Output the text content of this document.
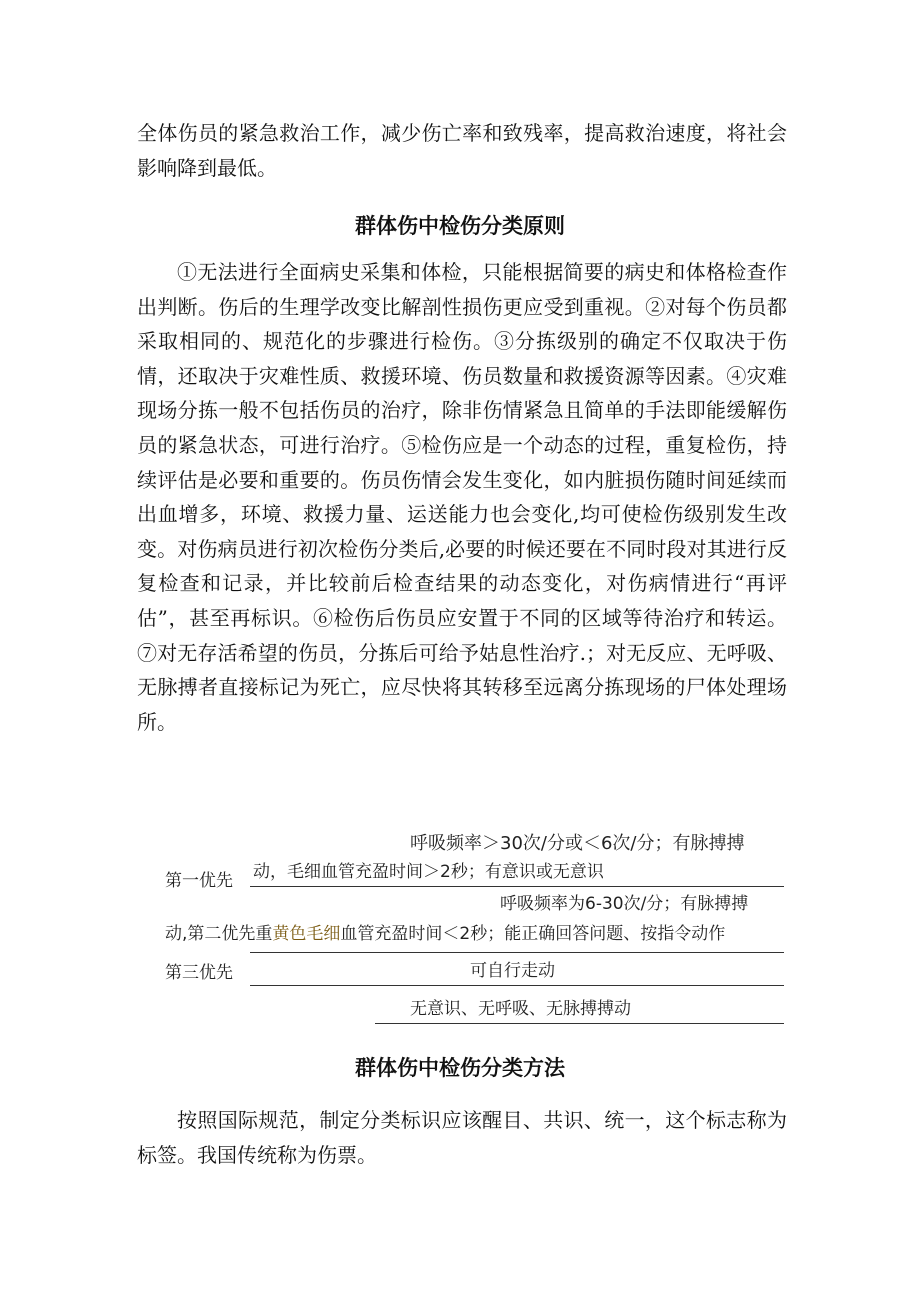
全体伤员的紧急救治工作，减少伤亡率和致残率，提高救治速度，将社会影响降到最低。

群体伤中检伤分类原则

①无法进行全面病史采集和体检，只能根据简要的病史和体格检查作出判断。伤后的生理学改变比解剖性损伤更应受到重视。②对每个伤员都采取相同的、规范化的步骤进行检伤。③分拣级别的确定不仅取决于伤情，还取决于灾难性质、救援环境、伤员数量和救援资源等因素。④灾难现场分拣一般不包括伤员的治疗，除非伤情紧急且简单的手法即能缓解伤员的紧急状态，可进行治疗。⑤检伤应是一个动态的过程，重复检伤，持续评估是必要和重要的。伤员伤情会发生变化，如内脏损伤随时间延续而出血增多，环境、救援力量、运送能力也会变化,均可使检伤级别发生改变。对伤病员进行初次检伤分类后,必要的时候还要在不同时段对其进行反复检查和记录，并比较前后检查结果的动态变化，对伤病情进行“再评估”，甚至再标识。⑥检伤后伤员应安置于不同的区域等待治疗和转运。⑦对无存活希望的伤员，分拣后可给予姑息性治疗.；对无反应、无呼吸、无脉搏者直接标记为死亡，应尽快将其转移至远离分拣现场的尸体处理场所。

呼吸频率＞30次/分或＜6次/分；有脉搏搏
第一优先 动，毛细血管充盈时间＞2秒；有意识或无意识
呼吸频率为6-30次/分；有脉搏搏
动,第二优先重黄色毛细血管充盈时间＜2秒；能正确回答问题、按指令动作
第三优先	可自行走动
无意识、无呼吸、无脉搏搏动
群体伤中检伤分类方法

按照国际规范，制定分类标识应该醒目、共识、统一，这个标志称为标签。我国传统称为伤票。
